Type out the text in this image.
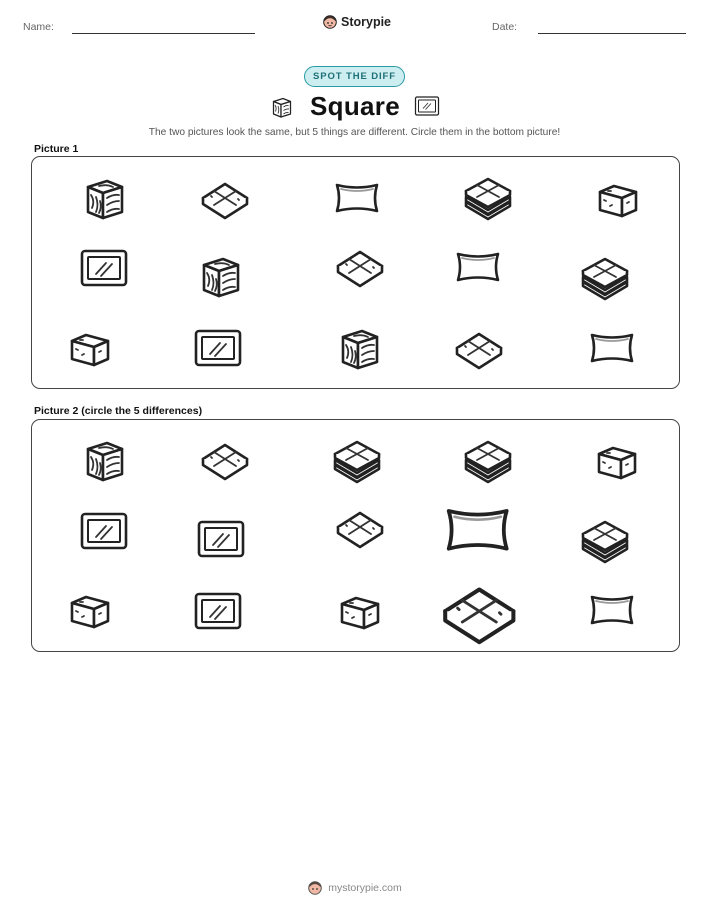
Name:	Storypie	Date:
SPOT THE DIFF
Square
The two pictures look the same, but 5 things are different. Circle them in the bottom picture!
Picture 1
Picture 2 (circle the 5 differences)
mystorypie.com
